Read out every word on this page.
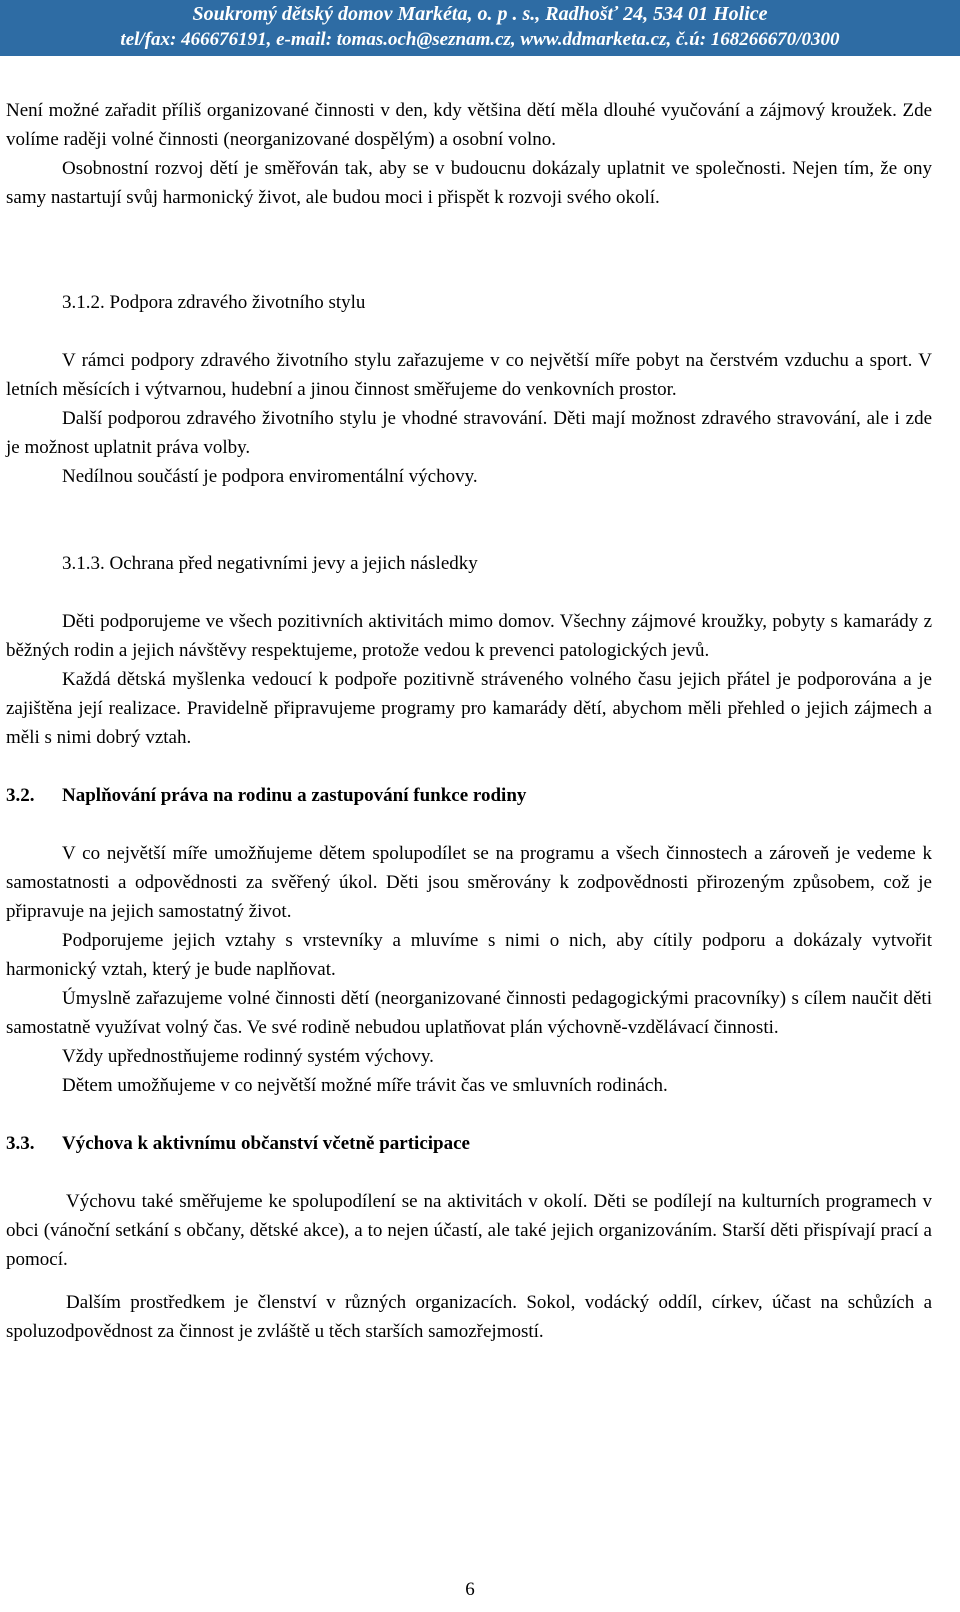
Soukromý dětský domov Markéta, o. p . s., Radhošť 24, 534 01 Holice
tel/fax: 466676191, e-mail: tomas.och@seznam.cz, www.ddmarketa.cz, č.ú: 168266670/0300

Není možné zařadit příliš organizované činnosti v den, kdy většina dětí měla dlouhé vyučování a zájmový kroužek. Zde volíme raději volné činnosti (neorganizované dospělým) a osobní volno.

Osobnostní rozvoj dětí je směřován tak, aby se v budoucnu dokázaly uplatnit ve společnosti. Nejen tím, že ony samy nastartují svůj harmonický život, ale budou moci i přispět k rozvoji svého okolí.

3.1.2. Podpora zdravého životního stylu

V rámci podpory zdravého životního stylu zařazujeme v co největší míře pobyt na čerstvém vzduchu a sport. V letních měsících i výtvarnou, hudební a jinou činnost směřujeme do venkovních prostor.

Další podporou zdravého životního stylu je vhodné stravování. Děti mají možnost zdravého stravování, ale i zde je možnost uplatnit práva volby.

Nedílnou součástí je podpora enviromentální výchovy.

3.1.3. Ochrana před negativními jevy a jejich následky

Děti podporujeme ve všech pozitivních aktivitách mimo domov. Všechny zájmové kroužky, pobyty s kamarády z běžných rodin a jejich návštěvy respektujeme, protože vedou k prevenci patologických jevů.

Každá dětská myšlenka vedoucí k podpoře pozitivně stráveného volného času jejich přátel je podporována a je zajištěna její realizace. Pravidelně připravujeme programy pro kamarády dětí, abychom měli přehled o jejich zájmech a měli s nimi dobrý vztah.

3.2. Naplňování práva na rodinu a zastupování funkce rodiny

V co největší míře umožňujeme dětem spolupodílet se na programu a všech činnostech a zároveň je vedeme k samostatnosti a odpovědnosti za svěřený úkol. Děti jsou směrovány k zodpovědnosti přirozeným způsobem, což je připravuje na jejich samostatný život.

Podporujeme jejich vztahy s vrstevníky a mluvíme s nimi o nich, aby cítily podporu a dokázaly vytvořit harmonický vztah, který je bude naplňovat.

Úmyslně zařazujeme volné činnosti dětí (neorganizované činnosti pedagogickými pracovníky) s cílem naučit děti samostatně využívat volný čas. Ve své rodině nebudou uplatňovat plán výchovně-vzdělávací činnosti.

Vždy upřednostňujeme rodinný systém výchovy.

Dětem umožňujeme v co největší možné míře trávit čas ve smluvních rodinách.

3.3. Výchova k aktivnímu občanství včetně participace

Výchovu také směřujeme ke spolupodílení se na aktivitách v okolí. Děti se podílejí na kulturních programech v obci (vánoční setkání s občany, dětské akce), a to nejen účastí, ale také jejich organizováním. Starší děti přispívají prací a pomocí.

Dalším prostředkem je členství v různých organizacích. Sokol, vodácký oddíl, církev, účast na schůzích a spoluzodpovědnost za činnost je zvláště u těch starších samozřejmostí.

6
